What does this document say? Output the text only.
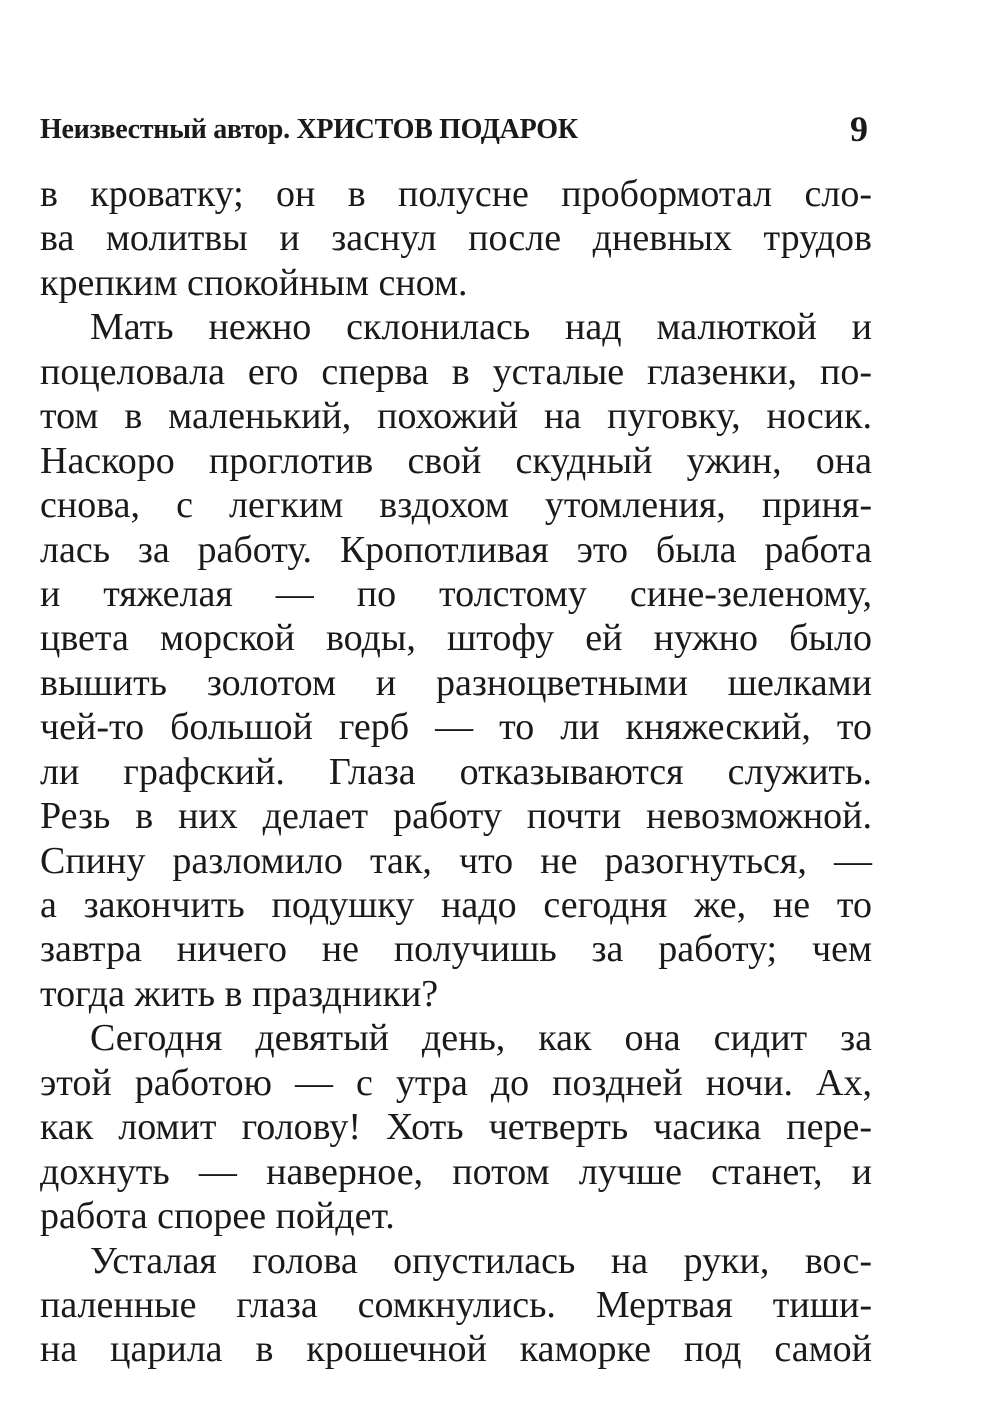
Неизвестный автор. ХРИСТОВ ПОДАРОК	9
в кроватку; он в полусне пробормотал сло-
ва молитвы и заснул после дневных трудов
крепким спокойным сном.
Мать нежно склонилась над малюткой и
поцеловала его сперва в усталые глазенки, по-
том в маленький, похожий на пуговку, носик.
Наскоро проглотив свой скудный ужин, она
снова, с легким вздохом утомления, приня-
лась за работу. Кропотливая это была работа
и тяжелая — по толстому сине-зеленому,
цвета морской воды, штофу ей нужно было
вышить золотом и разноцветными шелками
чей-то большой герб — то ли княжеский, то
ли графский. Глаза отказываются служить.
Резь в них делает работу почти невозможной.
Спину разломило так, что не разогнуться, —
а закончить подушку надо сегодня же, не то
завтра ничего не получишь за работу; чем
тогда жить в праздники?
Сегодня девятый день, как она сидит за
этой работою — с утра до поздней ночи. Ах,
как ломит голову! Хоть четверть часика пере-
дохнуть — наверное, потом лучше станет, и
работа спорее пойдет.
Усталая голова опустилась на руки, вос-
паленные глаза сомкнулись. Мертвая тиши-
на царила в крошечной каморке под самой
